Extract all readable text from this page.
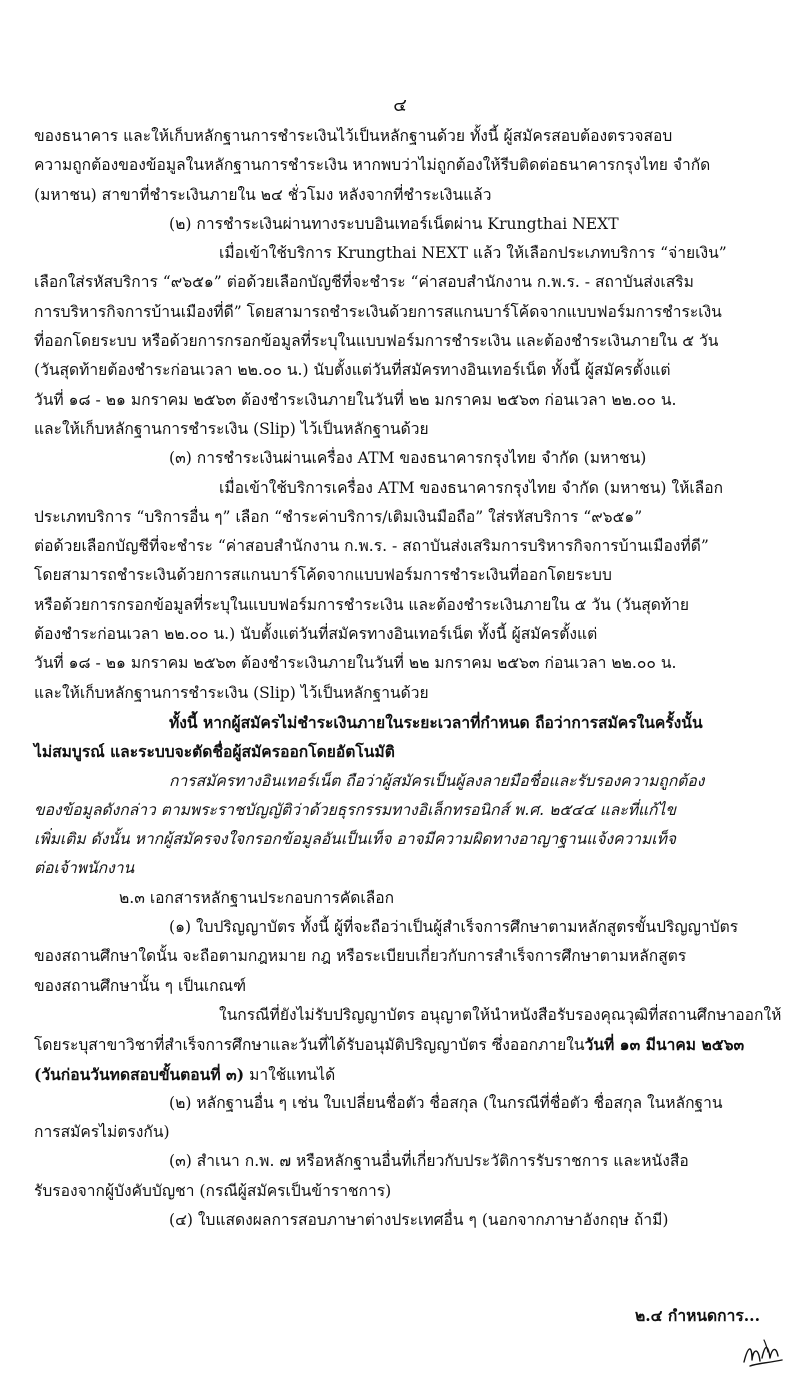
๔
ของธนาคาร และให้เก็บหลักฐานการชำระเงินไว้เป็นหลักฐานด้วย ทั้งนี้ ผู้สมัครสอบต้องตรวจสอบ
ความถูกต้องของข้อมูลในหลักฐานการชำระเงิน หากพบว่าไม่ถูกต้องให้รีบติดต่อธนาคารกรุงไทย จำกัด
(มหาชน) สาขาที่ชำระเงินภายใน ๒๔ ชั่วโมง หลังจากที่ชำระเงินแล้ว
(๒) การชำระเงินผ่านทางระบบอินเทอร์เน็ตผ่าน Krungthai NEXT
เมื่อเข้าใช้บริการ Krungthai NEXT แล้ว ให้เลือกประเภทบริการ “จ่ายเงิน”
เลือกใส่รหัสบริการ “๙๖๕๑” ต่อด้วยเลือกบัญชีที่จะชำระ “ค่าสอบสำนักงาน ก.พ.ร. - สถาบันส่งเสริม
การบริหารกิจการบ้านเมืองที่ดี” โดยสามารถชำระเงินด้วยการสแกนบาร์โค้ดจากแบบฟอร์มการชำระเงิน
ที่ออกโดยระบบ หรือด้วยการกรอกข้อมูลที่ระบุในแบบฟอร์มการชำระเงิน และต้องชำระเงินภายใน ๕ วัน
(วันสุดท้ายต้องชำระก่อนเวลา ๒๒.๐๐ น.) นับตั้งแต่วันที่สมัครทางอินเทอร์เน็ต ทั้งนี้ ผู้สมัครตั้งแต่
วันที่ ๑๘ - ๒๑ มกราคม ๒๕๖๓ ต้องชำระเงินภายในวันที่ ๒๒ มกราคม ๒๕๖๓ ก่อนเวลา ๒๒.๐๐ น.
และให้เก็บหลักฐานการชำระเงิน (Slip) ไว้เป็นหลักฐานด้วย
(๓) การชำระเงินผ่านเครื่อง ATM ของธนาคารกรุงไทย จำกัด (มหาชน)
เมื่อเข้าใช้บริการเครื่อง ATM ของธนาคารกรุงไทย จำกัด (มหาชน) ให้เลือก
ประเภทบริการ “บริการอื่น ๆ” เลือก “ชำระค่าบริการ/เติมเงินมือถือ” ใส่รหัสบริการ “๙๖๕๑”
ต่อด้วยเลือกบัญชีที่จะชำระ “ค่าสอบสำนักงาน ก.พ.ร. - สถาบันส่งเสริมการบริหารกิจการบ้านเมืองที่ดี”
โดยสามารถชำระเงินด้วยการสแกนบาร์โค้ดจากแบบฟอร์มการชำระเงินที่ออกโดยระบบ
หรือด้วยการกรอกข้อมูลที่ระบุในแบบฟอร์มการชำระเงิน และต้องชำระเงินภายใน ๕ วัน (วันสุดท้าย
ต้องชำระก่อนเวลา ๒๒.๐๐ น.) นับตั้งแต่วันที่สมัครทางอินเทอร์เน็ต ทั้งนี้ ผู้สมัครตั้งแต่
วันที่ ๑๘ - ๒๑ มกราคม ๒๕๖๓ ต้องชำระเงินภายในวันที่ ๒๒ มกราคม ๒๕๖๓ ก่อนเวลา ๒๒.๐๐ น.
และให้เก็บหลักฐานการชำระเงิน (Slip) ไว้เป็นหลักฐานด้วย
ทั้งนี้ หากผู้สมัครไม่ชำระเงินภายในระยะเวลาที่กำหนด ถือว่าการสมัครในครั้งนั้น
ไม่สมบูรณ์ และระบบจะตัดชื่อผู้สมัครออกโดยอัตโนมัติ
การสมัครทางอินเทอร์เน็ต ถือว่าผู้สมัครเป็นผู้ลงลายมือชื่อและรับรองความถูกต้อง
ของข้อมูลดังกล่าว ตามพระราชบัญญัติว่าด้วยธุรกรรมทางอิเล็กทรอนิกส์ พ.ศ. ๒๕๔๔ และที่แก้ไข
เพิ่มเติม ดังนั้น หากผู้สมัครจงใจกรอกข้อมูลอันเป็นเท็จ อาจมีความผิดทางอาญาฐานแจ้งความเท็จ
ต่อเจ้าพนักงาน
๒.๓ เอกสารหลักฐานประกอบการคัดเลือก
(๑) ใบปริญญาบัตร ทั้งนี้ ผู้ที่จะถือว่าเป็นผู้สำเร็จการศึกษาตามหลักสูตรขั้นปริญญาบัตร
ของสถานศึกษาใดนั้น จะถือตามกฎหมาย กฎ หรือระเบียบเกี่ยวกับการสำเร็จการศึกษาตามหลักสูตร
ของสถานศึกษานั้น ๆ เป็นเกณฑ์
ในกรณีที่ยังไม่รับปริญญาบัตร อนุญาตให้นำหนังสือรับรองคุณวุฒิที่สถานศึกษาออกให้
โดยระบุสาขาวิชาที่สำเร็จการศึกษาและวันที่ได้รับอนุมัติปริญญาบัตร ซึ่งออกภายในวันที่ ๑๓ มีนาคม ๒๕๖๓
(วันก่อนวันทดสอบขั้นตอนที่ ๓) มาใช้แทนได้
(๒) หลักฐานอื่น ๆ เช่น ใบเปลี่ยนชื่อตัว ชื่อสกุล (ในกรณีที่ชื่อตัว ชื่อสกุล ในหลักฐาน
การสมัครไม่ตรงกัน)
(๓) สำเนา ก.พ. ๗ หรือหลักฐานอื่นที่เกี่ยวกับประวัติการรับราชการ และหนังสือ
รับรองจากผู้บังคับบัญชา (กรณีผู้สมัครเป็นข้าราชการ)
(๔) ใบแสดงผลการสอบภาษาต่างประเทศอื่น ๆ (นอกจากภาษาอังกฤษ ถ้ามี)
๒.๔ กำหนดการ...
